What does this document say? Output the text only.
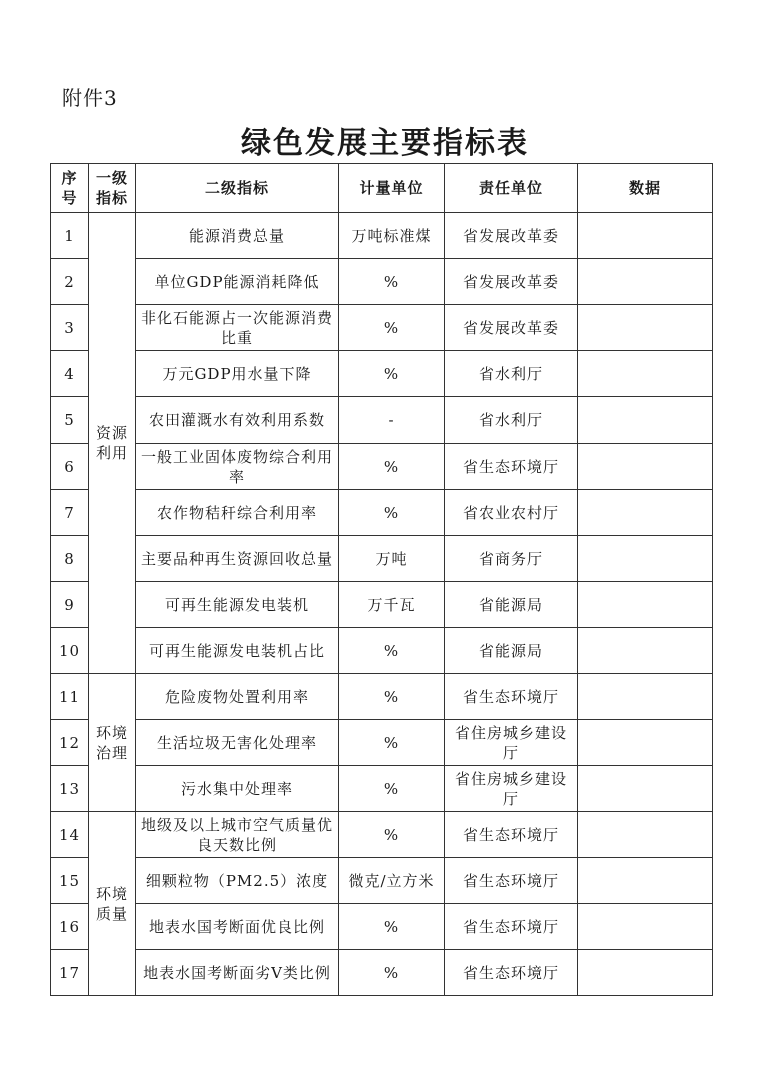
附件3
绿色发展主要指标表
序号	一级指标	二级指标	计量单位	责任单位	数据
1	资源利用	能源消费总量	万吨标准煤	省发展改革委	
2		单位GDP能源消耗降低	%	省发展改革委	
3		非化石能源占一次能源消费比重	%	省发展改革委	
4		万元GDP用水量下降	%	省水利厅	
5		农田灌溉水有效利用系数	-	省水利厅	
6		一般工业固体废物综合利用率	%	省生态环境厅	
7		农作物秸秆综合利用率	%	省农业农村厅	
8		主要品种再生资源回收总量	万吨	省商务厅	
9		可再生能源发电装机	万千瓦	省能源局	
10		可再生能源发电装机占比	%	省能源局	
11	环境治理	危险废物处置利用率	%	省生态环境厅	
12		生活垃圾无害化处理率	%	省住房城乡建设厅	
13		污水集中处理率	%	省住房城乡建设厅	
14	环境质量	地级及以上城市空气质量优良天数比例	%	省生态环境厅	
15		细颗粒物（PM2.5）浓度	微克/立方米	省生态环境厅	
16		地表水国考断面优良比例	%	省生态环境厅	
17		地表水国考断面劣V类比例	%	省生态环境厅	
